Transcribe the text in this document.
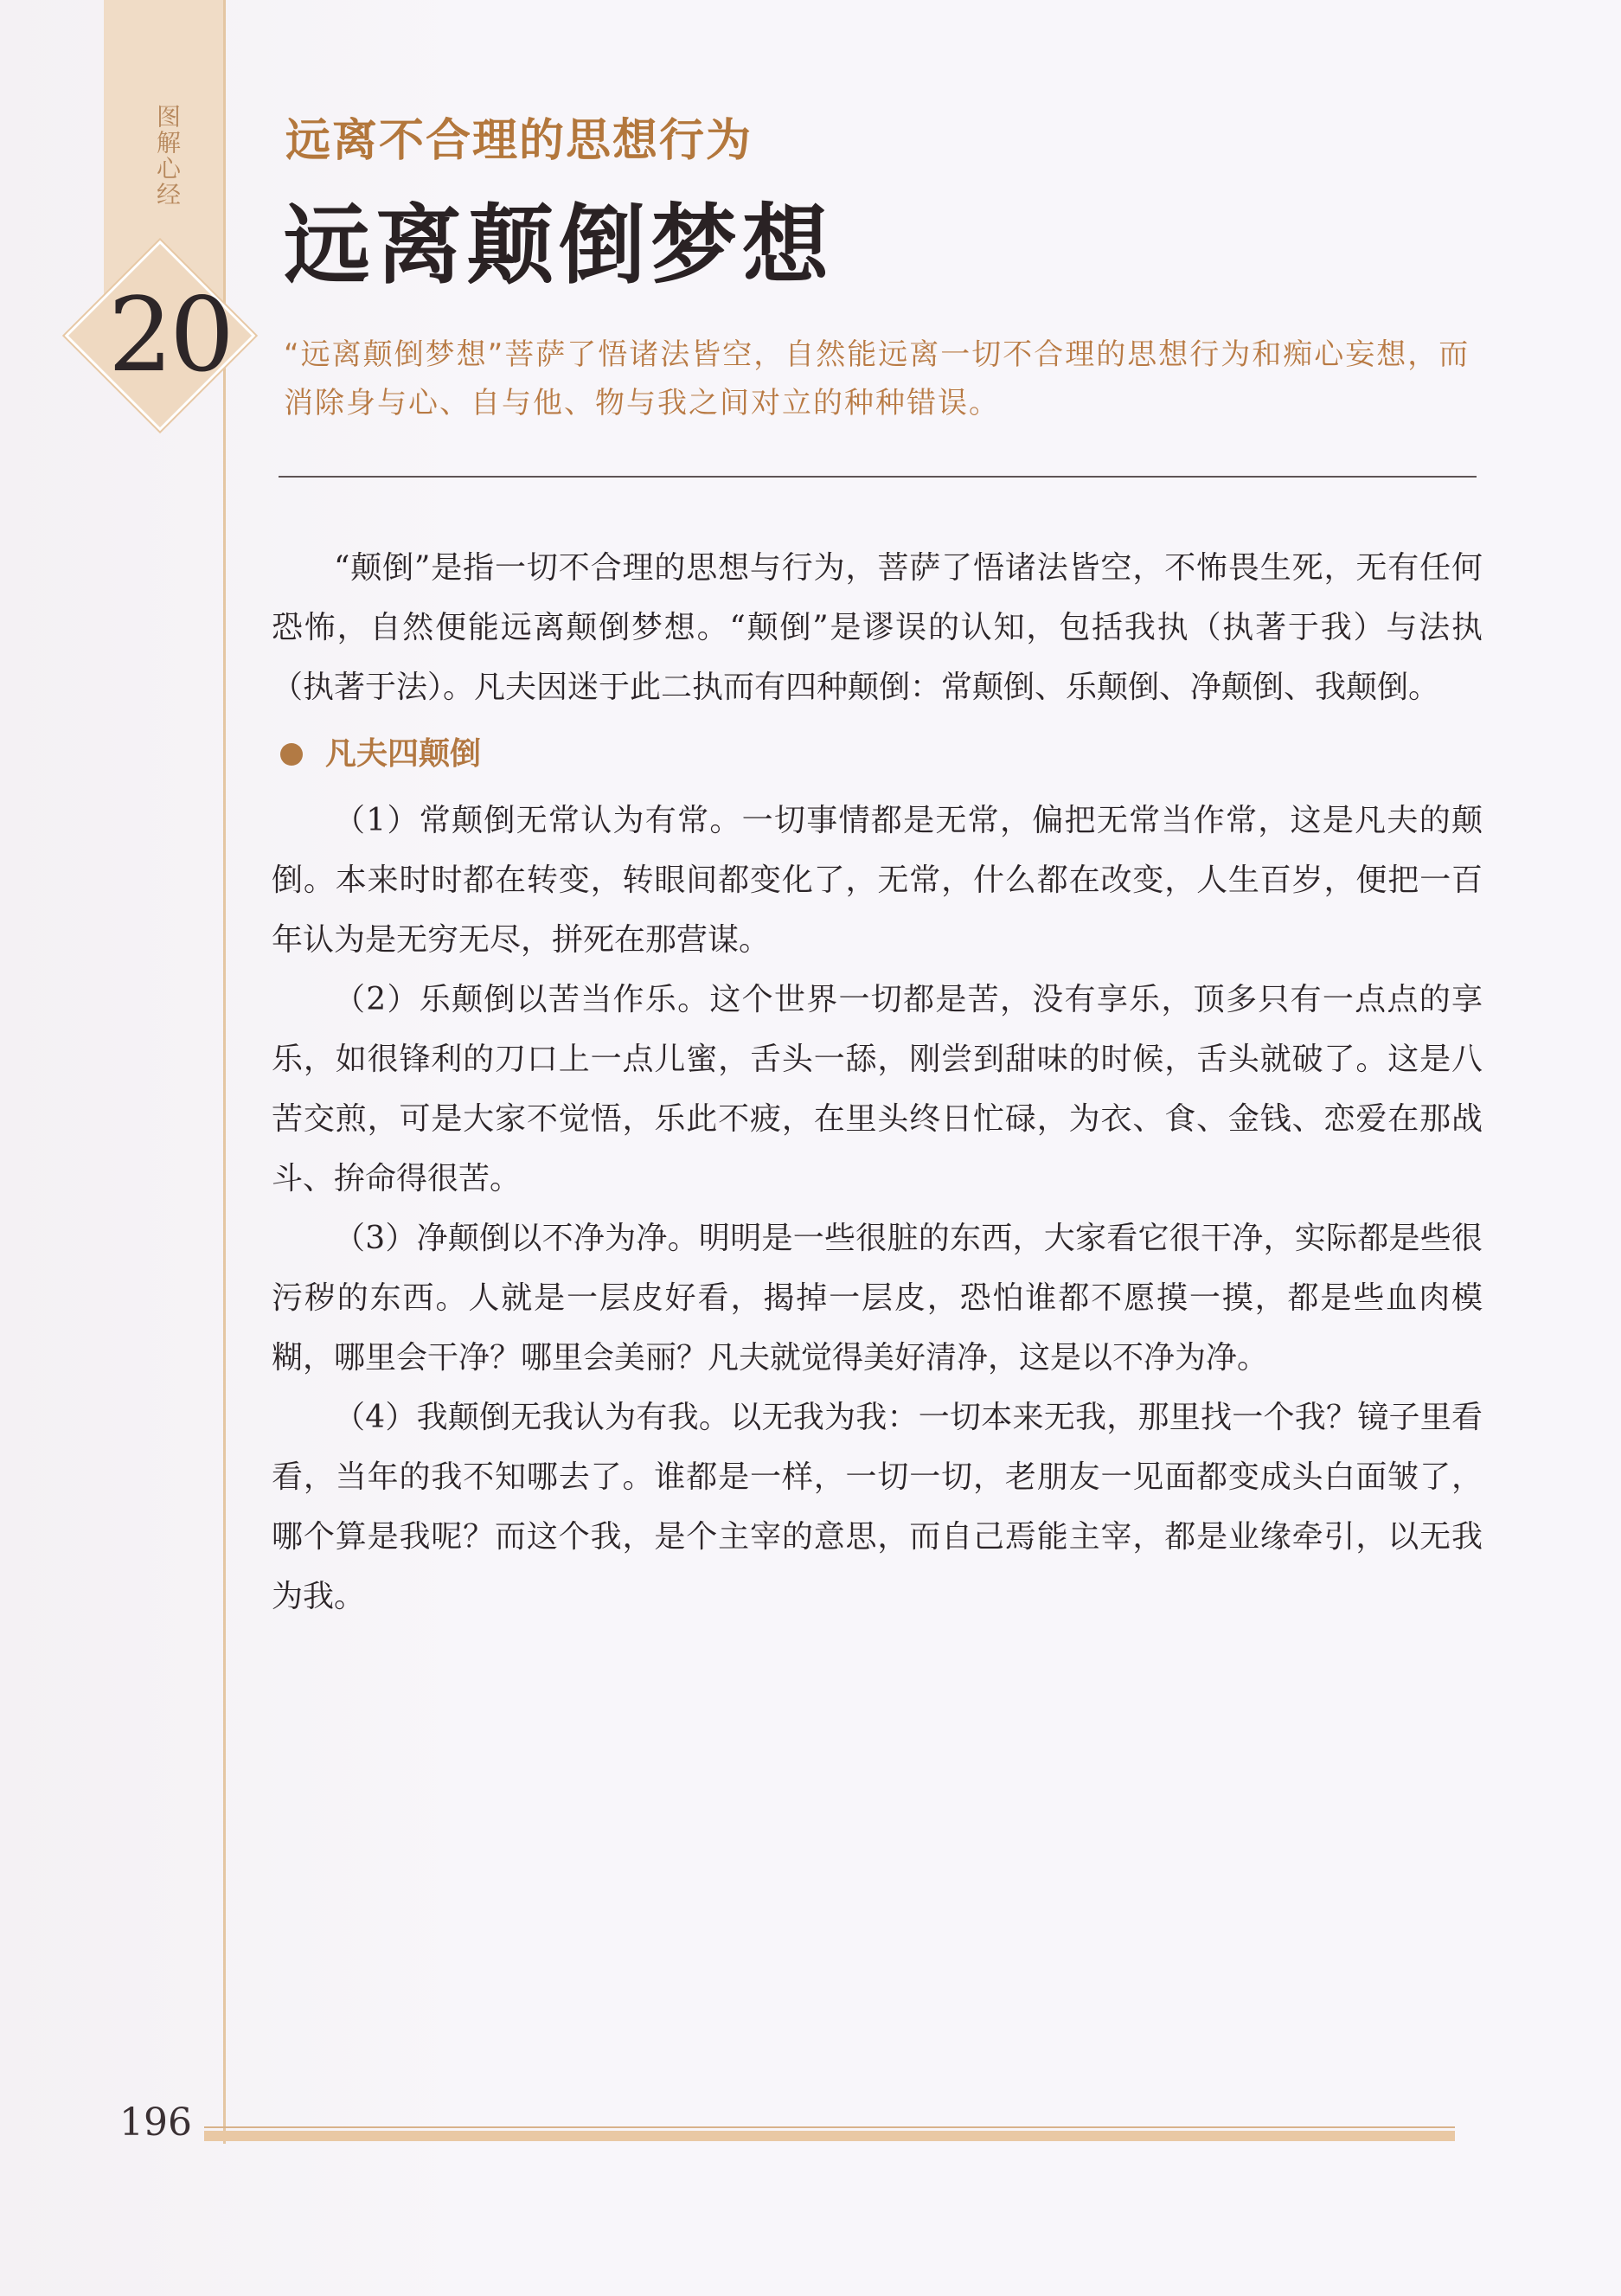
图解心经
20
远离不合理的思想行为
远离颠倒梦想
“远离颠倒梦想”菩萨了悟诸法皆空，自然能远离一切不合理的思想行为和痴心妄想，而消除身与心、自与他、物与我之间对立的种种错误。

“颠倒”是指一切不合理的思想与行为，菩萨了悟诸法皆空，不怖畏生死，无有任何恐怖，自然便能远离颠倒梦想。“颠倒”是谬误的认知，包括我执（执著于我）与法执（执著于法）。凡夫因迷于此二执而有四种颠倒：常颠倒、乐颠倒、净颠倒、我颠倒。

凡夫四颠倒

（1）常颠倒无常认为有常。一切事情都是无常，偏把无常当作常，这是凡夫的颠倒。本来时时都在转变，转眼间都变化了，无常，什么都在改变，人生百岁，便把一百年认为是无穷无尽，拼死在那营谋。

（2）乐颠倒以苦当作乐。这个世界一切都是苦，没有享乐，顶多只有一点点的享乐，如很锋利的刀口上一点儿蜜，舌头一舔，刚尝到甜味的时候，舌头就破了。这是八苦交煎，可是大家不觉悟，乐此不疲，在里头终日忙碌，为衣、食、金钱、恋爱在那战斗、拚命得很苦。

（3）净颠倒以不净为净。明明是一些很脏的东西，大家看它很干净，实际都是些很污秽的东西。人就是一层皮好看，揭掉一层皮，恐怕谁都不愿摸一摸，都是些血肉模糊，哪里会干净？哪里会美丽？凡夫就觉得美好清净，这是以不净为净。

（4）我颠倒无我认为有我。以无我为我：一切本来无我，那里找一个我？镜子里看看，当年的我不知哪去了。谁都是一样，一切一切，老朋友一见面都变成头白面皱了，哪个算是我呢？而这个我，是个主宰的意思，而自己焉能主宰，都是业缘牵引，以无我为我。

196
